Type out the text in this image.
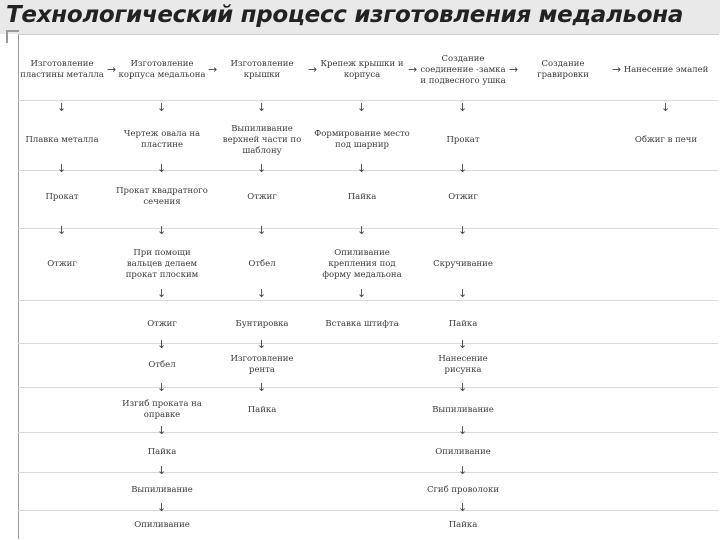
Технологический процесс изготовления медальона
Изготовление пластины металла
↓
Плавка металла
↓
Прокат
↓
Отжиг
Изготовление корпуса медальона
↓
Чертеж овала на пластине
↓
Прокат квадратного сечения
↓
При помощи вальцев делаем прокат плоским
↓
Отжиг
↓
Отбел
↓
Изгиб проката на оправке
↓
Пайка
↓
Выпиливание
↓
Опиливание
Изготовление крышки
↓
Выпиливание верхней части по шаблону
↓
Отжиг
↓
Отбел
↓
Бунтировка
↓
Изготовление рента
↓
Пайка
Крепеж крышки и корпуса
↓
Формирование место под шарнир
↓
Пайка
↓
Опиливание крепления под форму медальона
↓
Вставка штифта
Создание соединение -замка и подвесного ушка
↓
Прокат
↓
Отжиг
↓
Скручивание
↓
Пайка
↓
Нанесение рисунка
↓
Выпиливание
↓
Опиливание
↓
Сгиб проволоки
↓
Пайка
Создание гравировки
Нанесение эмалей
↓
Обжиг в печи
→	→	→	→	→	→
